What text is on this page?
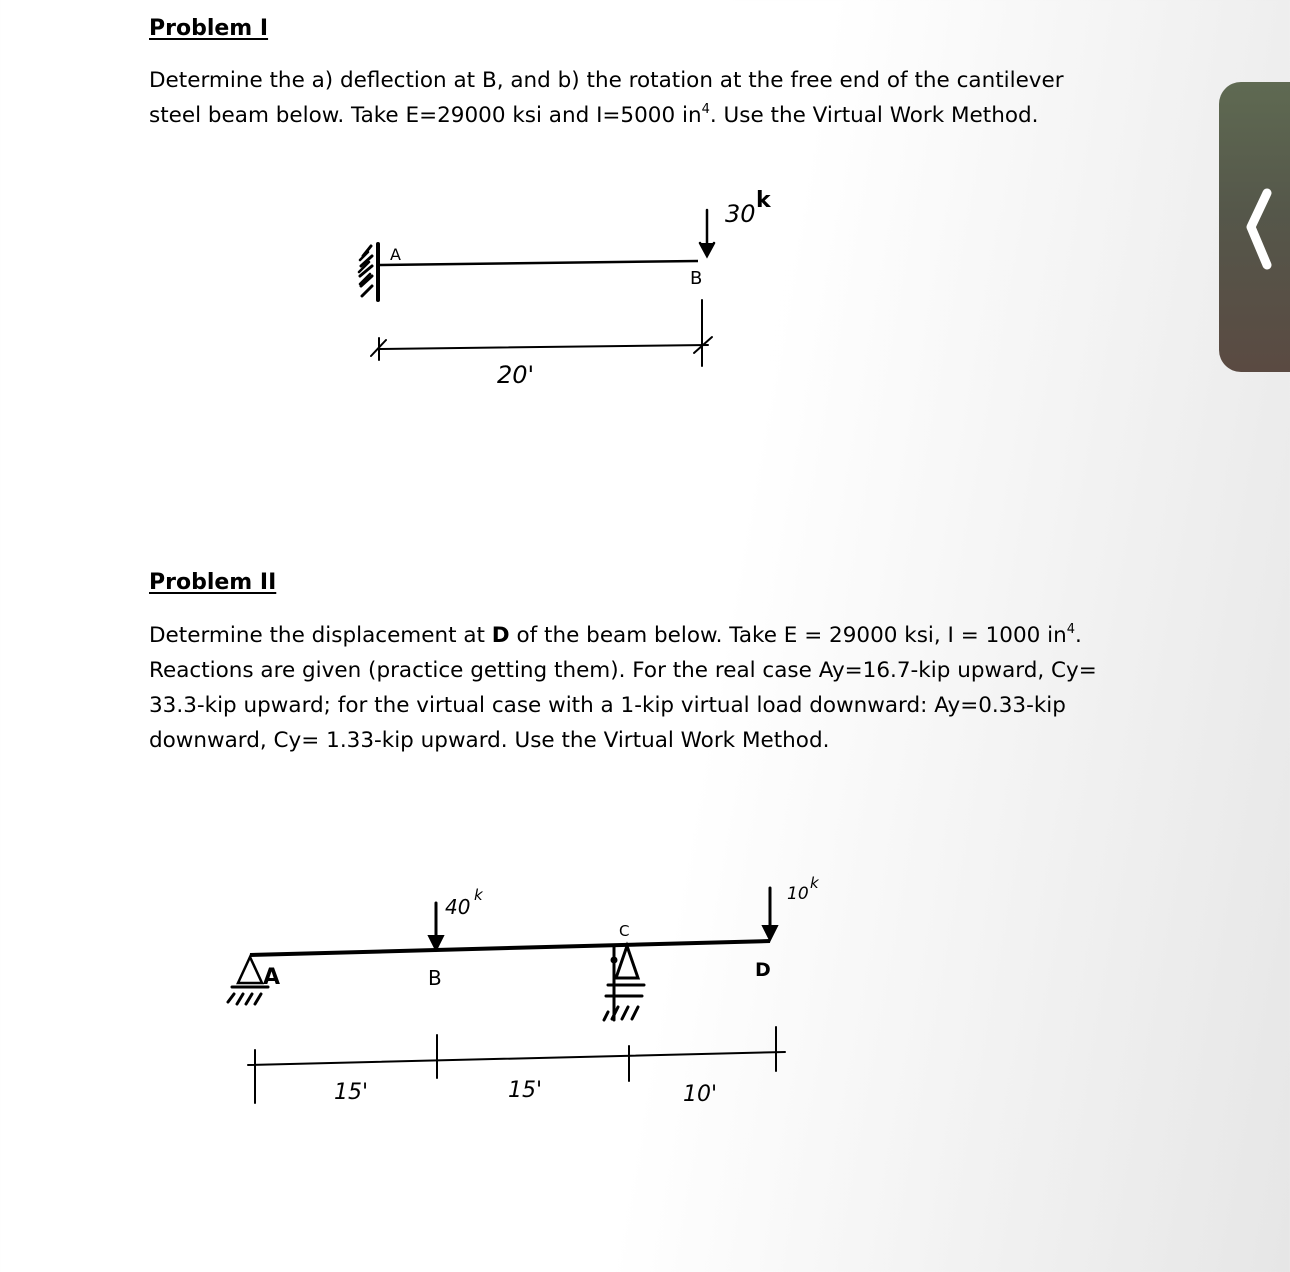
Problem I

Determine the a) deflection at B, and b) the rotation at the free end of the cantilever
steel beam below. Take E=29000 ksi and I=5000 $in^4$. Use the Virtual Work Method.

30 k
A
B
20'
Problem II

Determine the displacement at D of the beam below. Take E = 29000 ksi, I = 1000 $in^4$.
Reactions are given (practice getting them). For the real case Ay=16.7-kip upward, Cy=
33.3-kip upward; for the virtual case with a 1-kip virtual load downward: Ay=0.33-kip
downward, Cy= 1.33-kip upward. Use the Virtual Work Method.

A
40 k
B
C
10
k
D
15'	15'	10'
